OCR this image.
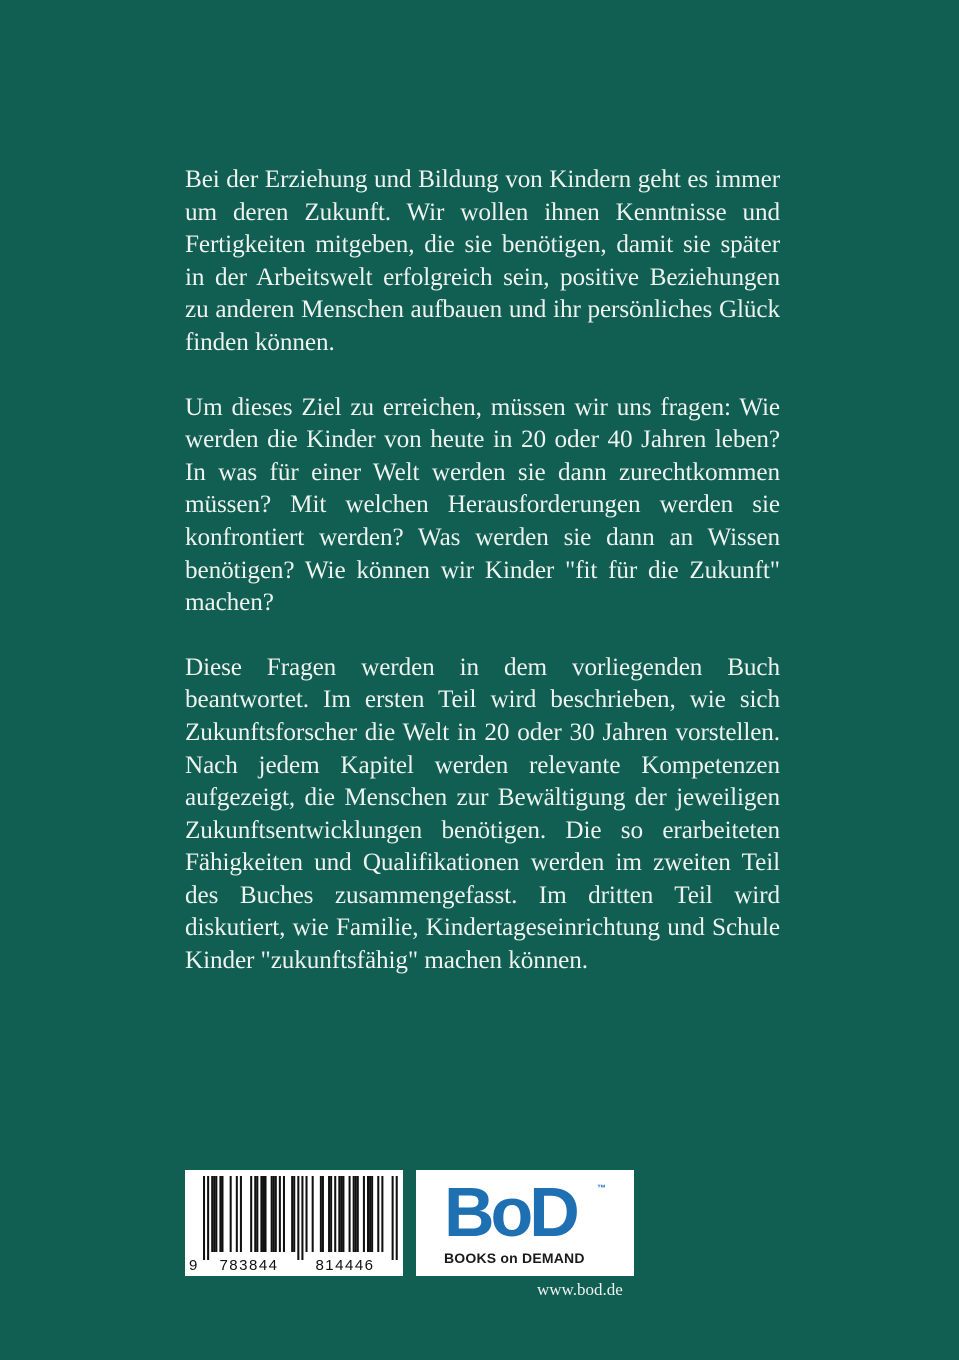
Bei der Erziehung und Bildung von Kindern geht es immer um deren Zukunft. Wir wollen ihnen Kenntnisse und Fertigkeiten mitgeben, die sie benötigen, damit sie später in der Arbeitswelt erfolgreich sein, positive Beziehungen zu anderen Menschen aufbauen und ihr persönliches Glück finden können.

Um dieses Ziel zu erreichen, müssen wir uns fragen: Wie werden die Kinder von heute in 20 oder 40 Jahren leben? In was für einer Welt werden sie dann zurechtkommen müssen? Mit welchen Herausforderungen werden sie konfrontiert werden? Was werden sie dann an Wissen benötigen? Wie können wir Kinder "fit für die Zukunft" machen?

Diese Fragen werden in dem vorliegenden Buch beantwortet. Im ersten Teil wird beschrieben, wie sich Zukunftsforscher die Welt in 20 oder 30 Jahren vorstellen. Nach jedem Kapitel werden relevante Kompetenzen aufgezeigt, die Menschen zur Bewältigung der jeweiligen Zukunftsentwicklungen benötigen. Die so erarbeiteten Fähigkeiten und Qualifikationen werden im zweiten Teil des Buches zusammengefasst. Im dritten Teil wird diskutiert, wie Familie, Kindertageseinrichtung und Schule Kinder "zukunftsfähig" machen können.

9 783844 814446
BoD ™
BOOKS on DEMAND
www.bod.de
